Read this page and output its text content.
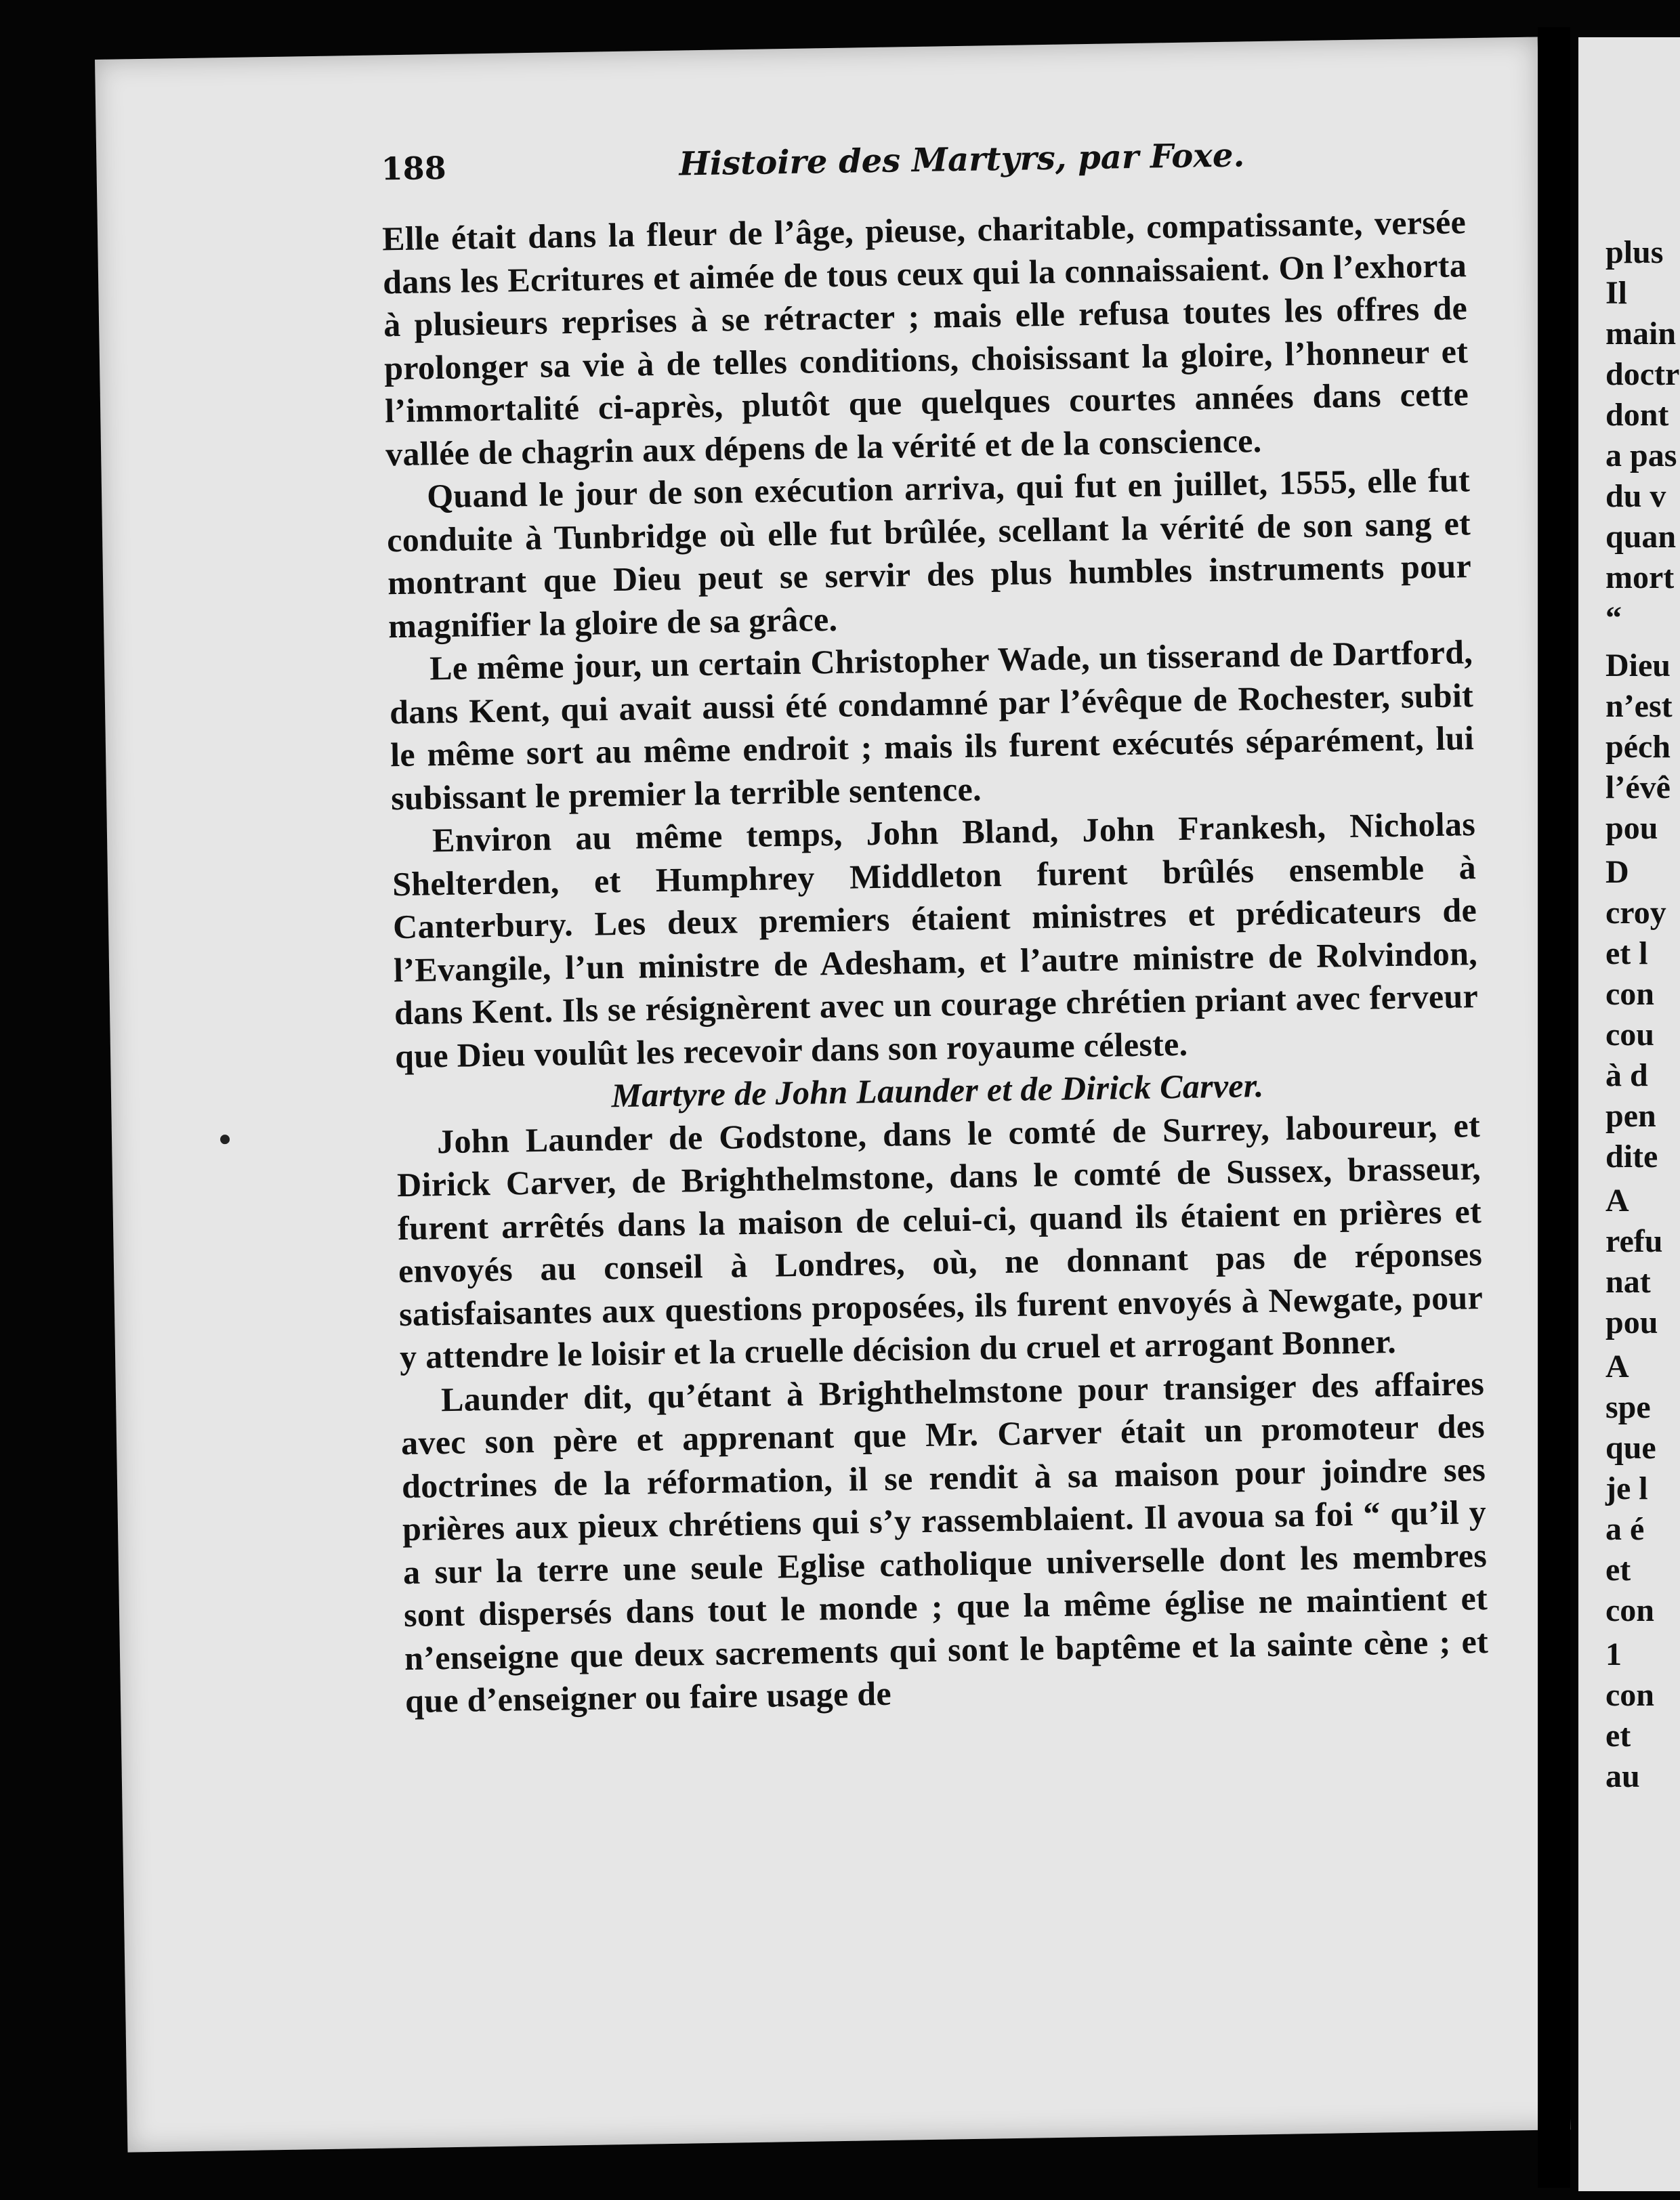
188	Histoire des Martyrs, par Foxe.

Elle était dans la fleur de l’âge, pieuse, charitable, compatissante, versée dans les Ecritures et aimée de tous ceux qui la connaissaient. On l’exhorta à plusieurs reprises à se rétracter ; mais elle refusa toutes les offres de prolonger sa vie à de telles conditions, choisissant la gloire, l’honneur et l’immortalité ci-après, plutôt que quelques courtes années dans cette vallée de chagrin aux dépens de la vérité et de la conscience.

Quand le jour de son exécution arriva, qui fut en juillet, 1555, elle fut conduite à Tunbridge où elle fut brûlée, scellant la vérité de son sang et montrant que Dieu peut se servir des plus humbles instruments pour magnifier la gloire de sa grâce.

Le même jour, un certain Christopher Wade, un tisserand de Dartford, dans Kent, qui avait aussi été condamné par l’évêque de Rochester, subit le même sort au même endroit ; mais ils furent exécutés séparément, lui subissant le premier la terrible sentence.

Environ au même temps, John Bland, John Frankesh, Nicholas Shelterden, et Humphrey Middleton furent brûlés ensemble à Canterbury. Les deux premiers étaient ministres et prédicateurs de l’Evangile, l’un ministre de Adesham, et l’autre ministre de Rolvindon, dans Kent. Ils se résignèrent avec un courage chrétien priant avec ferveur que Dieu voulût les recevoir dans son royaume céleste.

Martyre de John Launder et de Dirick Carver.

John Launder de Godstone, dans le comté de Surrey, laboureur, et Dirick Carver, de Brighthelmstone, dans le comté de Sussex, brasseur, furent arrêtés dans la maison de celui-ci, quand ils étaient en prières et envoyés au conseil à Londres, où, ne donnant pas de réponses satisfaisantes aux questions proposées, ils furent envoyés à Newgate, pour y attendre le loisir et la cruelle décision du cruel et arrogant Bonner.

Launder dit, qu’étant à Brighthelmstone pour transiger des affaires avec son père et apprenant que Mr. Carver était un promoteur des doctrines de la réformation, il se rendit à sa maison pour joindre ses prières aux pieux chrétiens qui s’y rassemblaient. Il avoua sa foi “ qu’il y a sur la terre une seule Eglise catholique universelle dont les membres sont dispersés dans tout le monde ; que la même église ne maintient et n’enseigne que deux sacrements qui sont le baptême et la sainte cène ; et que d’enseigner ou faire usage de

plus
Il
main
doctr
dont
a pas
du v
quan
mort
“
Dieu
n’est
péch
l’évê
pou
D
croy
et l
con
cou
à d
pen
dite
A
refu
nat
pou
A
spe
que
je l
a é
et
con
1
con
et
au
